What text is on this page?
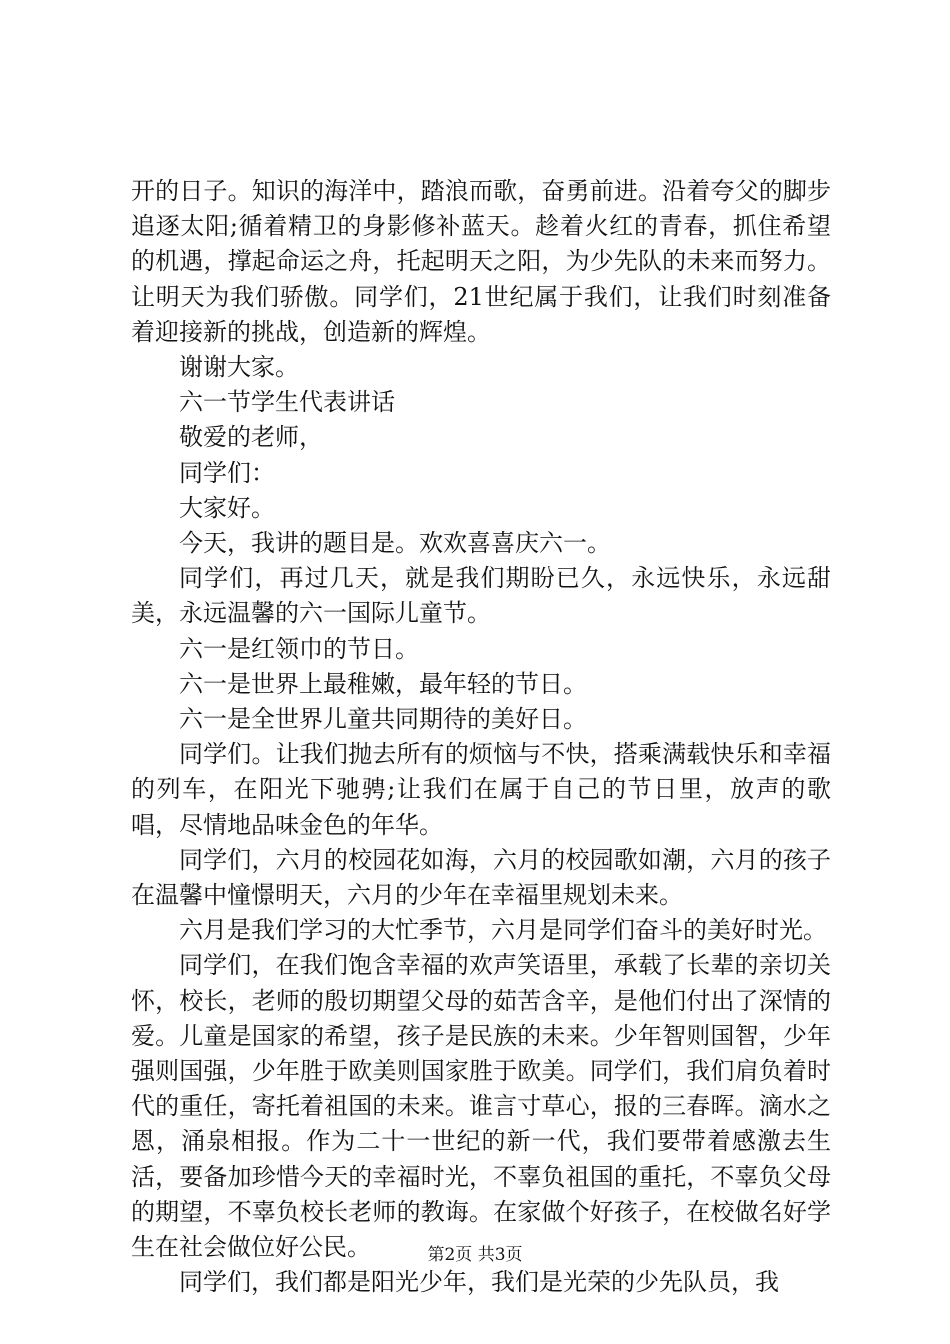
开的日子。知识的海洋中，踏浪而歌，奋勇前进。沿着夸父的脚步追逐太阳;循着精卫的身影修补蓝天。趁着火红的青春，抓住希望的机遇，撑起命运之舟，托起明天之阳，为少先队的未来而努力。让明天为我们骄傲。同学们，21世纪属于我们，让我们时刻准备着迎接新的挑战，创造新的辉煌。

谢谢大家。

六一节学生代表讲话

敬爱的老师，

同学们：

大家好。

今天，我讲的题目是。欢欢喜喜庆六一。

同学们，再过几天，就是我们期盼已久，永远快乐，永远甜美，永远温馨的六一国际儿童节。

六一是红领巾的节日。

六一是世界上最稚嫩，最年轻的节日。

六一是全世界儿童共同期待的美好日。

同学们。让我们抛去所有的烦恼与不快，搭乘满载快乐和幸福的列车，在阳光下驰骋;让我们在属于自己的节日里，放声的歌唱，尽情地品味金色的年华。

同学们，六月的校园花如海，六月的校园歌如潮，六月的孩子在温馨中憧憬明天，六月的少年在幸福里规划未来。

六月是我们学习的大忙季节，六月是同学们奋斗的美好时光。

同学们，在我们饱含幸福的欢声笑语里，承载了长辈的亲切关怀，校长，老师的殷切期望父母的茹苦含辛，是他们付出了深情的爱。儿童是国家的希望，孩子是民族的未来。少年智则国智，少年强则国强，少年胜于欧美则国家胜于欧美。同学们，我们肩负着时代的重任，寄托着祖国的未来。谁言寸草心，报的三春晖。滴水之恩，涌泉相报。作为二十一世纪的新一代，我们要带着感激去生活，要备加珍惜今天的幸福时光，不辜负祖国的重托，不辜负父母的期望，不辜负校长老师的教诲。在家做个好孩子，在校做名好学生在社会做位好公民。

同学们，我们都是阳光少年，我们是光荣的少先队员，我

第2页 共3页
